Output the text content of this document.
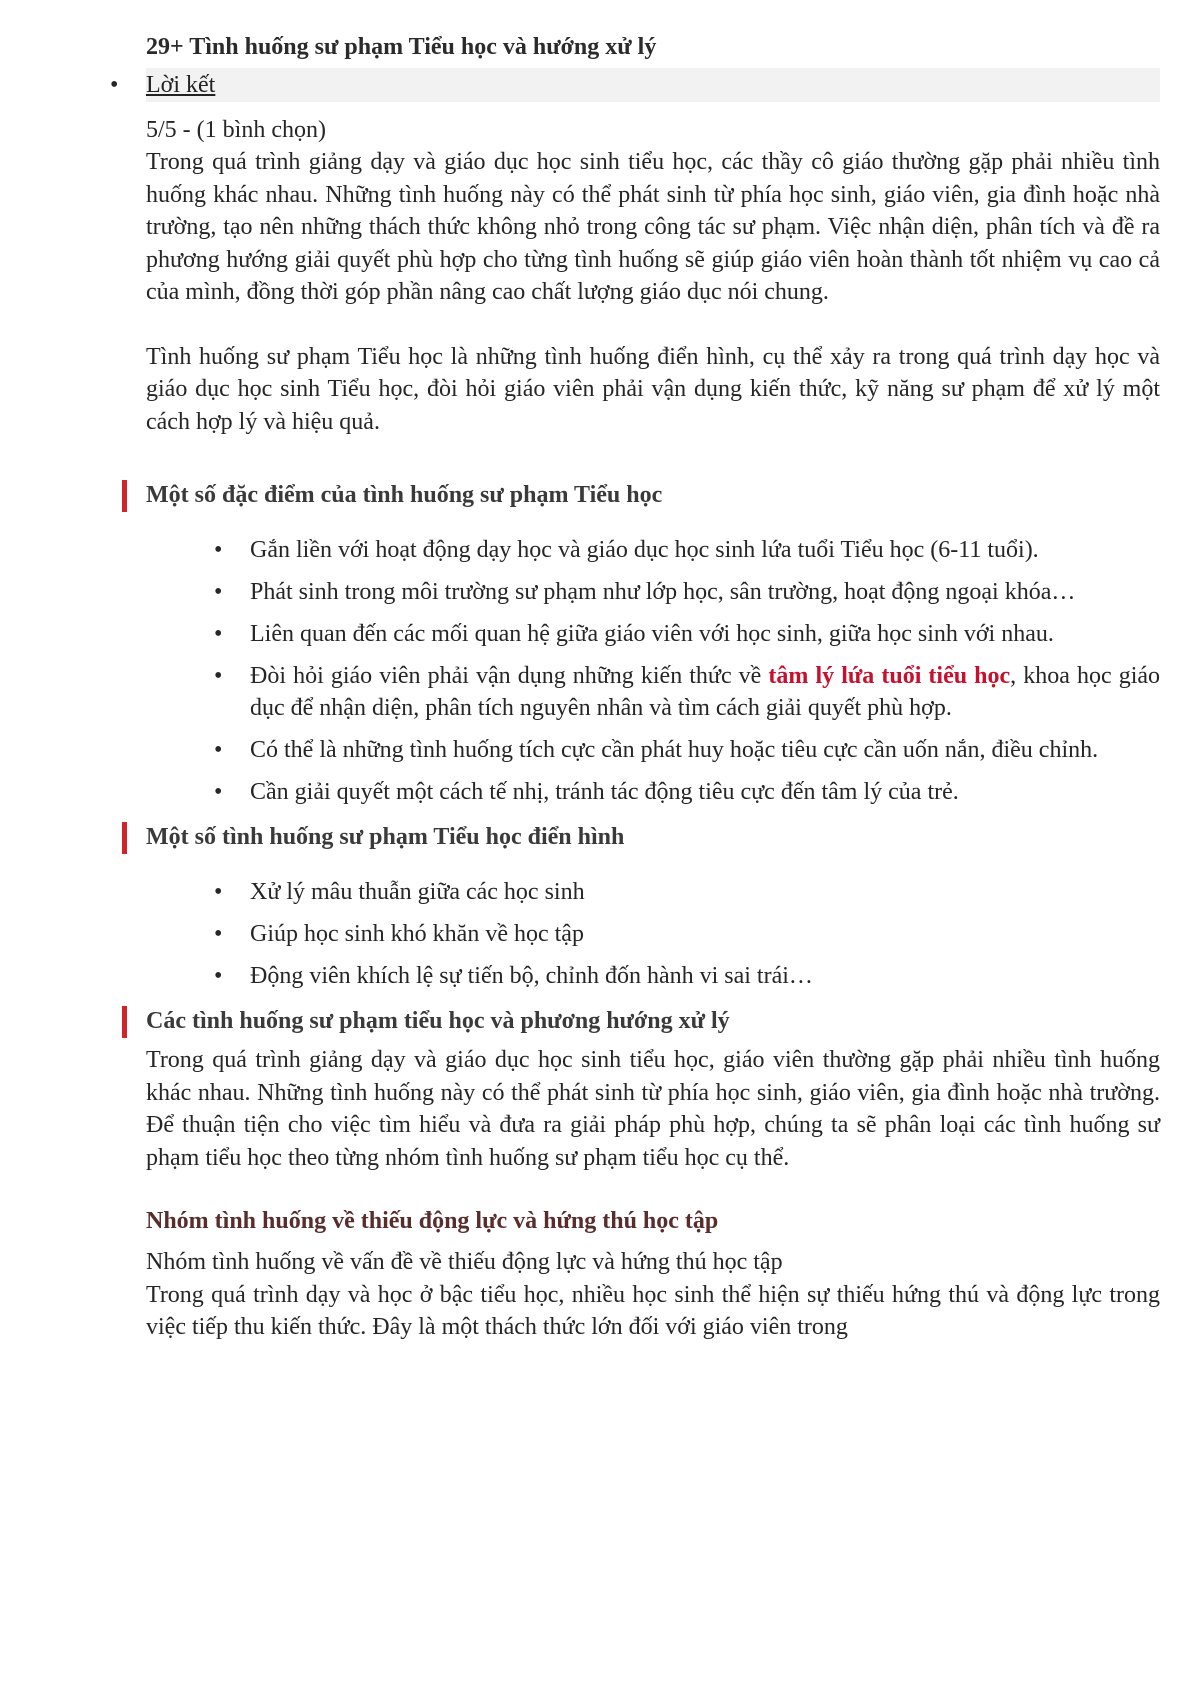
29+ Tình huống sư phạm Tiểu học và hướng xử lý
• Lời kết
5/5 - (1 bình chọn)

Trong quá trình giảng dạy và giáo dục học sinh tiểu học, các thầy cô giáo thường gặp phải nhiều tình huống khác nhau. Những tình huống này có thể phát sinh từ phía học sinh, giáo viên, gia đình hoặc nhà trường, tạo nên những thách thức không nhỏ trong công tác sư phạm. Việc nhận diện, phân tích và đề ra phương hướng giải quyết phù hợp cho từng tình huống sẽ giúp giáo viên hoàn thành tốt nhiệm vụ cao cả của mình, đồng thời góp phần nâng cao chất lượng giáo dục nói chung.

Tình huống sư phạm Tiểu học là những tình huống điển hình, cụ thể xảy ra trong quá trình dạy học và giáo dục học sinh Tiểu học, đòi hỏi giáo viên phải vận dụng kiến thức, kỹ năng sư phạm để xử lý một cách hợp lý và hiệu quả.

Một số đặc điểm của tình huống sư phạm Tiểu học
• Gắn liền với hoạt động dạy học và giáo dục học sinh lứa tuổi Tiểu học (6-11 tuổi).
• Phát sinh trong môi trường sư phạm như lớp học, sân trường, hoạt động ngoại khóa…
• Liên quan đến các mối quan hệ giữa giáo viên với học sinh, giữa học sinh với nhau.
• Đòi hỏi giáo viên phải vận dụng những kiến thức về tâm lý lứa tuổi tiểu học, khoa học giáo dục để nhận diện, phân tích nguyên nhân và tìm cách giải quyết phù hợp.
• Có thể là những tình huống tích cực cần phát huy hoặc tiêu cực cần uốn nắn, điều chỉnh.
• Cần giải quyết một cách tế nhị, tránh tác động tiêu cực đến tâm lý của trẻ.
Một số tình huống sư phạm Tiểu học điển hình
• Xử lý mâu thuẫn giữa các học sinh
• Giúp học sinh khó khăn về học tập
• Động viên khích lệ sự tiến bộ, chỉnh đốn hành vi sai trái…
Các tình huống sư phạm tiểu học và phương hướng xử lý

Trong quá trình giảng dạy và giáo dục học sinh tiểu học, giáo viên thường gặp phải nhiều tình huống khác nhau. Những tình huống này có thể phát sinh từ phía học sinh, giáo viên, gia đình hoặc nhà trường. Để thuận tiện cho việc tìm hiểu và đưa ra giải pháp phù hợp, chúng ta sẽ phân loại các tình huống sư phạm tiểu học theo từng nhóm tình huống sư phạm tiểu học cụ thể.

Nhóm tình huống về thiếu động lực và hứng thú học tập

Nhóm tình huống về vấn đề về thiếu động lực và hứng thú học tập

Trong quá trình dạy và học ở bậc tiểu học, nhiều học sinh thể hiện sự thiếu hứng thú và động lực trong việc tiếp thu kiến thức. Đây là một thách thức lớn đối với giáo viên trong
